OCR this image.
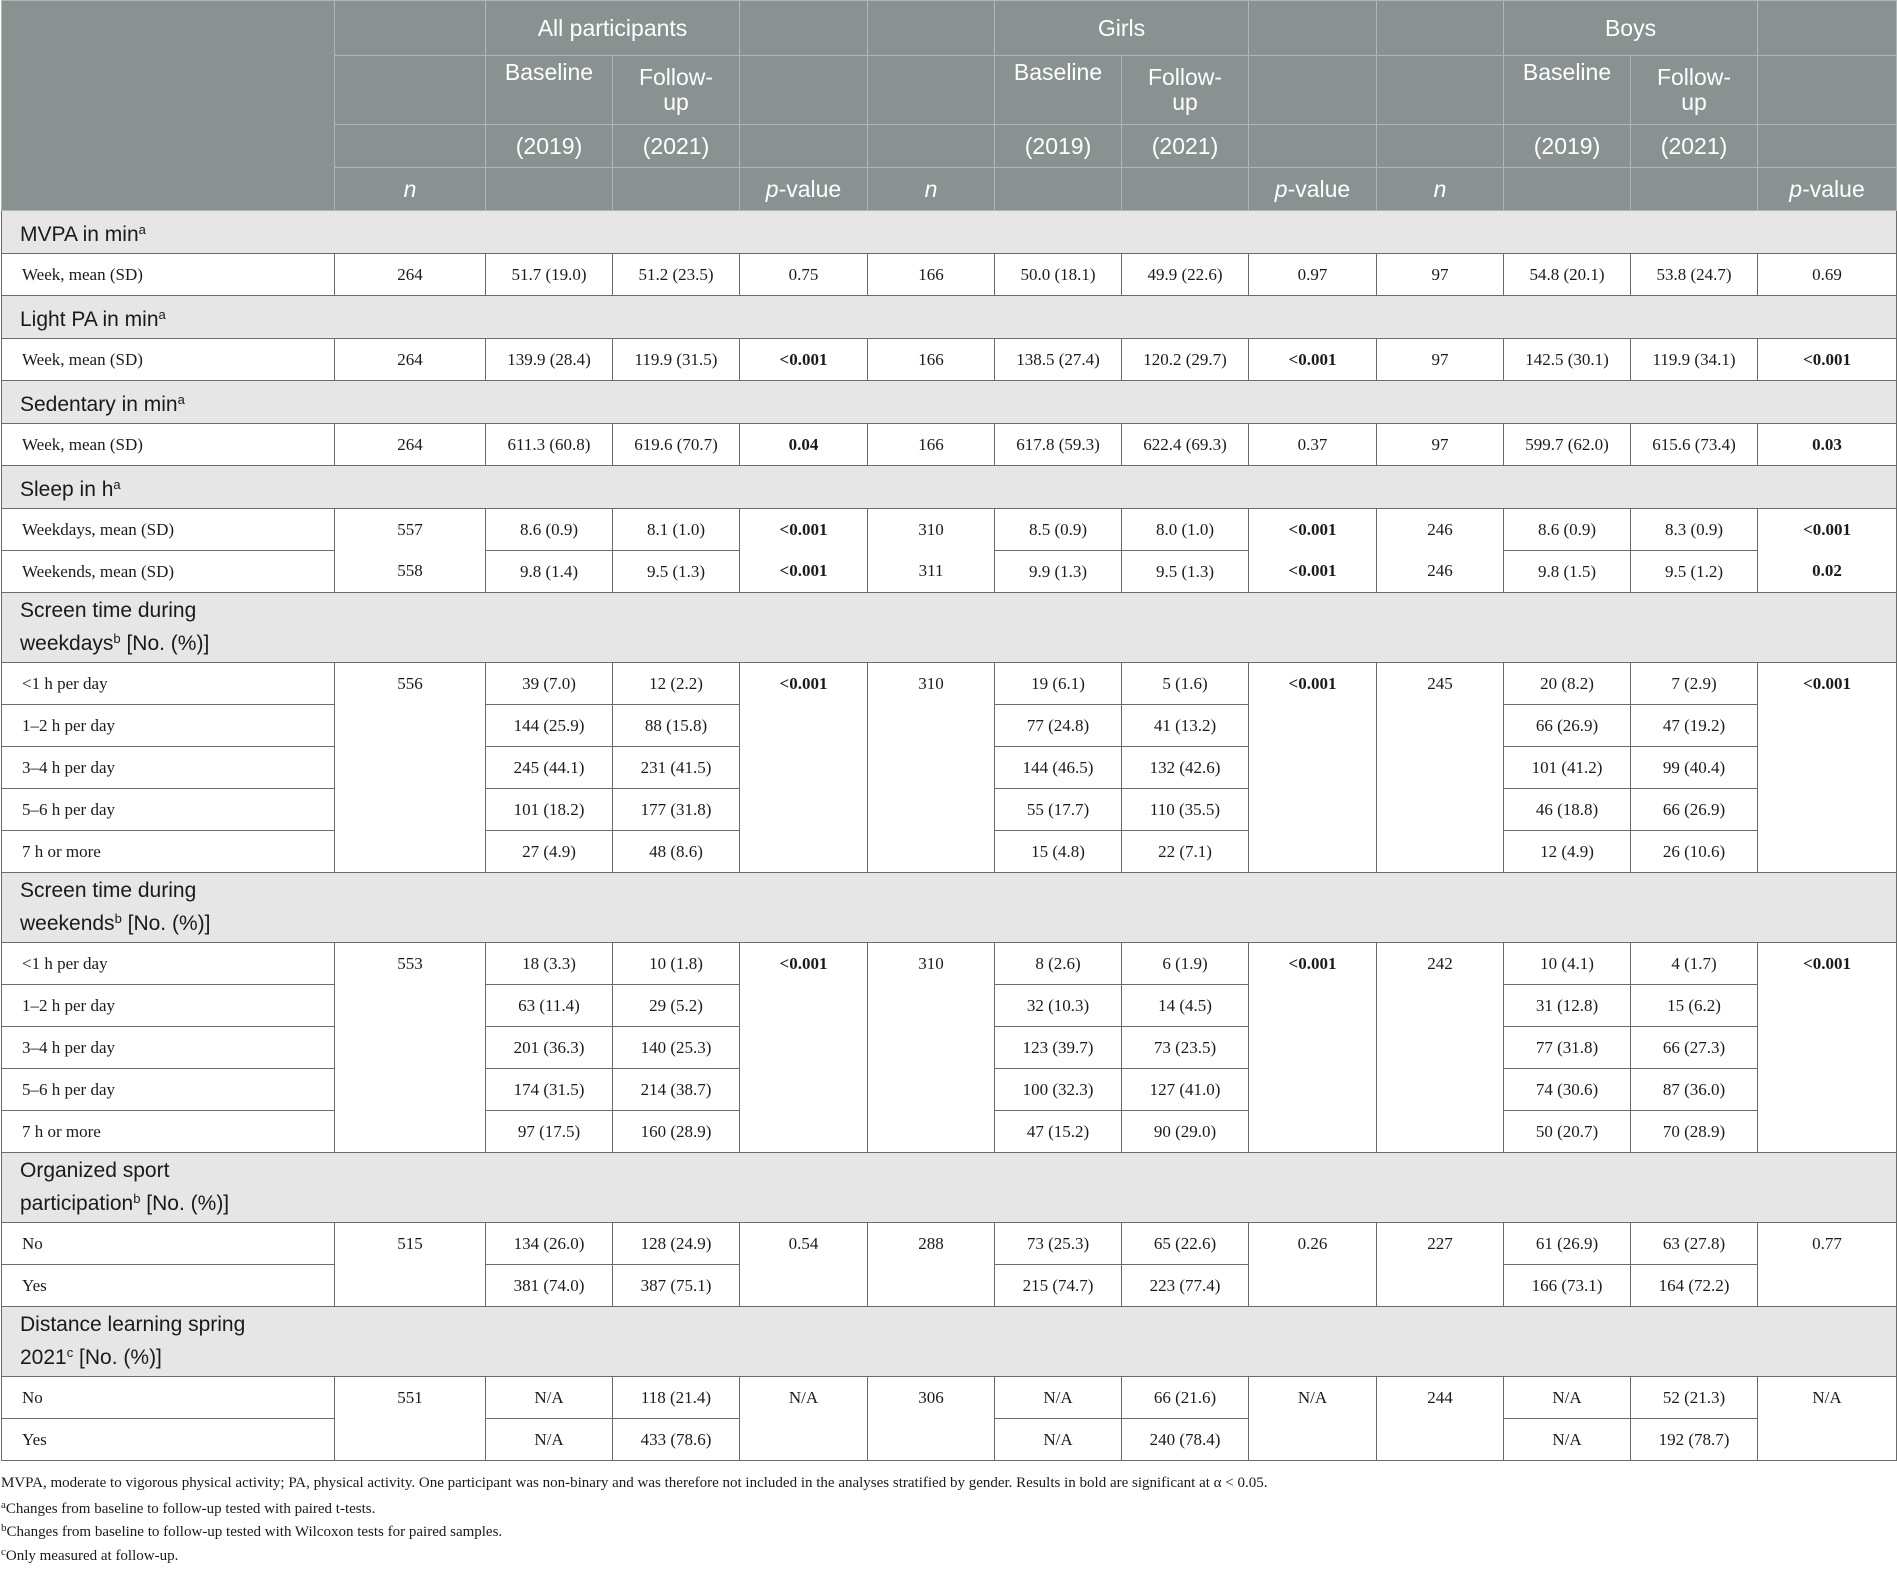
		All participants				Girls				Boys		
		Baseline	Follow-up			Baseline	Follow-up			Baseline	Follow-up	
		(2019)	(2021)			(2019)	(2021)			(2019)	(2021)	
	n			p-value	n			p-value	n			p-value
MVPA in $\min^a$
Week, mean (SD)	264	51.7 (19.0)	51.2 (23.5)	0.75	166	50.0 (18.1)	49.9 (22.6)	0.97	97	54.8 (20.1)	53.8 (24.7)	0.69
Light PA in $\min^a$
Week, mean (SD)	264	139.9 (28.4)	119.9 (31.5)	<0.001	166	138.5 (27.4)	120.2 (29.7)	<0.001	97	142.5 (30.1)	119.9 (34.1)	<0.001
Sedentary in $\min^a$
Week, mean (SD)	264	611.3 (60.8)	619.6 (70.7)	0.04	166	617.8 (59.3)	622.4 (69.3)	0.37	97	599.7 (62.0)	615.6 (73.4)	0.03
Sleep in $h^a$
Weekdays, mean (SD)	557	8.6 (0.9)	8.1 (1.0)	<0.001	310	8.5 (0.9)	8.0 (1.0)	<0.001	246	8.6 (0.9)	8.3 (0.9)	<0.001
Weekends, mean (SD)	558	9.8 (1.4)	9.5 (1.3)	<0.001	311	9.9 (1.3)	9.5 (1.3)	<0.001	246	9.8 (1.5)	9.5 (1.2)	0.02

Screen time during weekdays$^b$ [No. (%)]												

<1 h per day	556	39 (7.0)	12 (2.2)	<0.001	310	19 (6.1)	5 (1.6)	<0.001	245	20 (8.2)	7 (2.9)	<0.001
1–2 h per day		144 (25.9)	88 (15.8)			77 (24.8)	41 (13.2)			66 (26.9)	47 (19.2)	
3–4 h per day		245 (44.1)	231 (41.5)			144 (46.5)	132 (42.6)			101 (41.2)	99 (40.4)	
5–6 h per day		101 (18.2)	177 (31.8)			55 (17.7)	110 (35.5)			46 (18.8)	66 (26.9)	
7 h or more		27 (4.9)	48 (8.6)			15 (4.8)	22 (7.1)			12 (4.9)	26 (10.6)	

Screen time during weekends$^b$ [No. (%)]												

<1 h per day	553	18 (3.3)	10 (1.8)	<0.001	310	8 (2.6)	6 (1.9)	<0.001	242	10 (4.1)	4 (1.7)	<0.001
1–2 h per day		63 (11.4)	29 (5.2)			32 (10.3)	14 (4.5)			31 (12.8)	15 (6.2)	
3–4 h per day		201 (36.3)	140 (25.3)			123 (39.7)	73 (23.5)			77 (31.8)	66 (27.3)	
5–6 h per day		174 (31.5)	214 (38.7)			100 (32.3)	127 (41.0)			74 (30.6)	87 (36.0)	
7 h or more		97 (17.5)	160 (28.9)			47 (15.2)	90 (29.0)			50 (20.7)	70 (28.9)	

Organized sport participation$^b$ [No. (%)]												

No	515	134 (26.0)	128 (24.9)	0.54	288	73 (25.3)	65 (22.6)	0.26	227	61 (26.9)	63 (27.8)	0.77
Yes		381 (74.0)	387 (75.1)			215 (74.7)	223 (77.4)			166 (73.1)	164 (72.2)	

Distance learning spring 2021$^c$ [No. (%)]												

No	551	N/A	118 (21.4)	N/A	306	N/A	66 (21.6)	N/A	244	N/A	52 (21.3)	N/A
Yes		N/A	433 (78.6)			N/A	240 (78.4)			N/A	192 (78.7)	
MVPA, moderate to vigorous physical activity; PA, physical activity. One participant was non-binary and was therefore not included in the analyses stratified by gender. Results in bold are significant at α < 0.05.
$^a$Changes from baseline to follow-up tested with paired t-tests.
$^b$Changes from baseline to follow-up tested with Wilcoxon tests for paired samples.
$^c$Only measured at follow-up.
